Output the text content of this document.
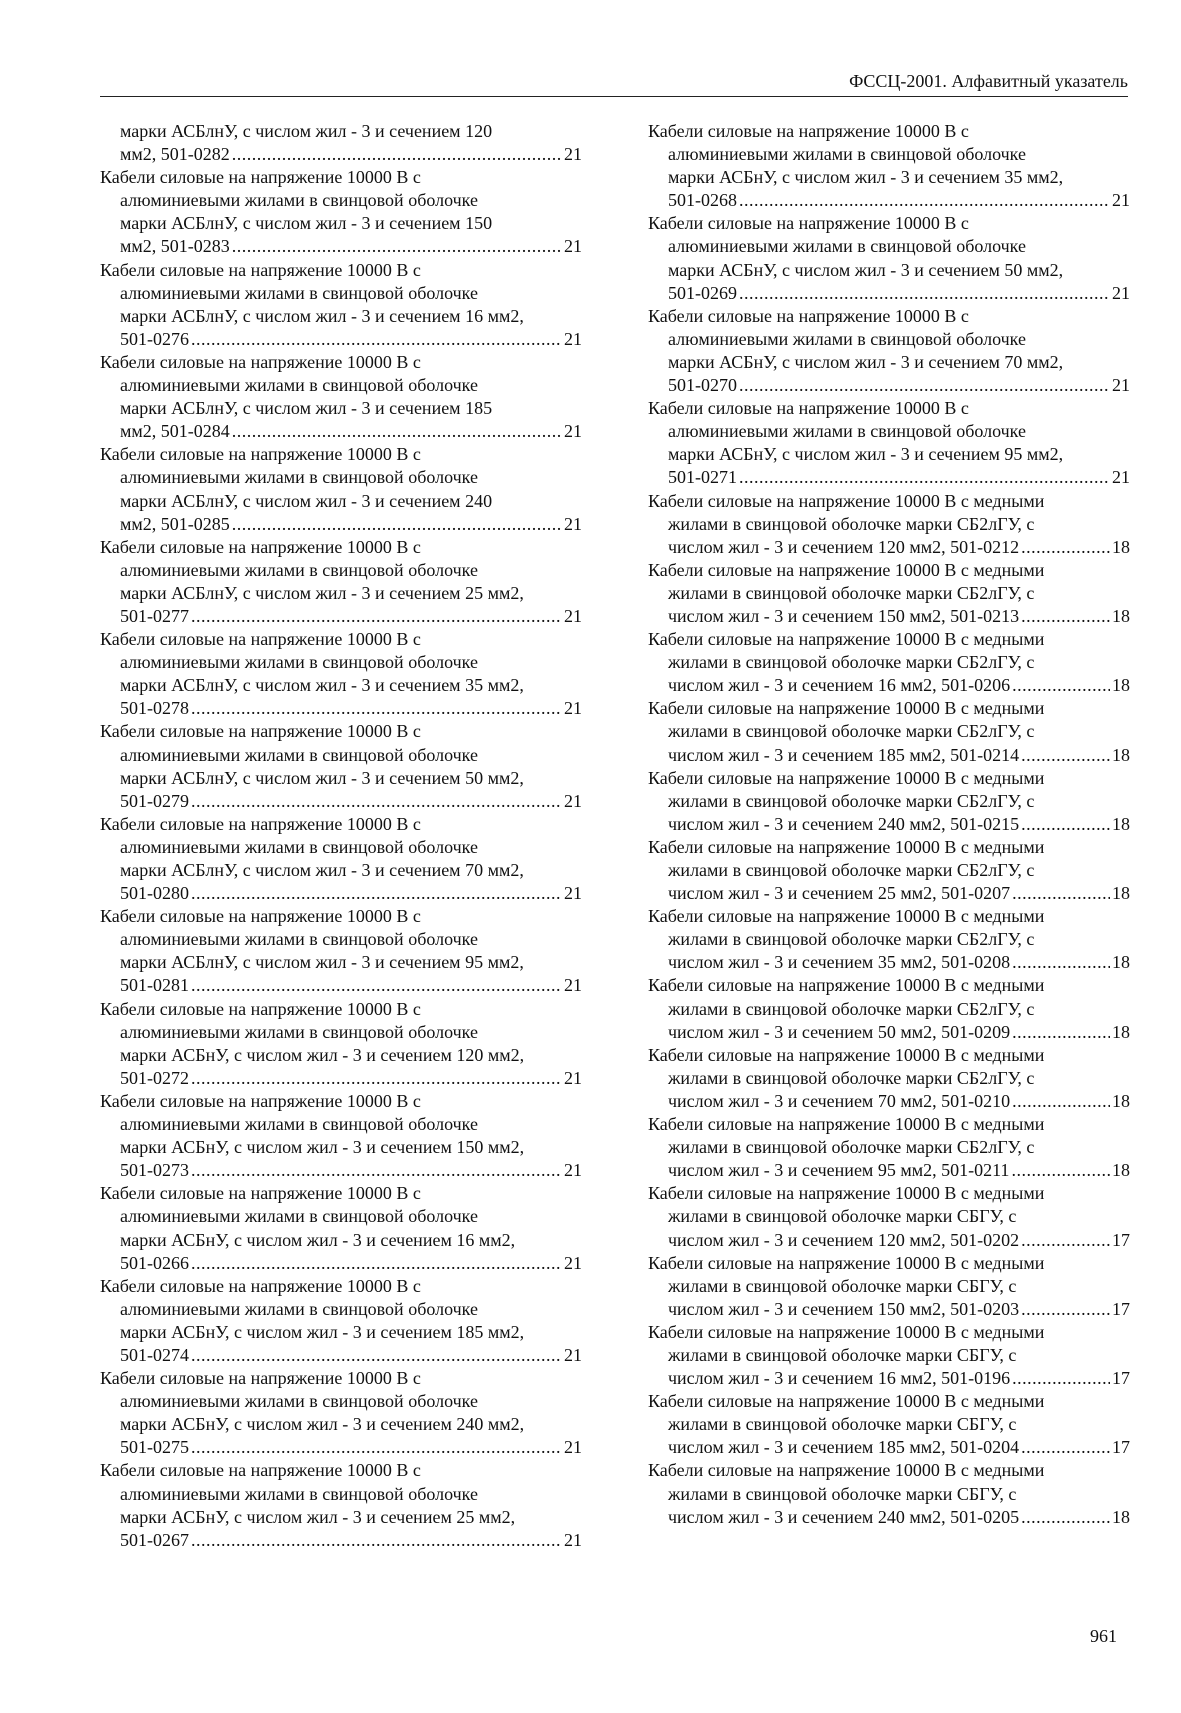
ФССЦ-2001. Алфавитный указатель
марки АСБлнУ, с числом жил - 3 и сечением 120
мм2, 501-0282 .....	21
Кабели силовые на напряжение 10000 В с
алюминиевыми жилами в свинцовой оболочке
марки АСБлнУ, с числом жил - 3 и сечением 150
мм2, 501-0283 .....	21
Кабели силовые на напряжение 10000 В с
алюминиевыми жилами в свинцовой оболочке
марки АСБлнУ, с числом жил - 3 и сечением 16 мм2,
501-0276 .....	21
Кабели силовые на напряжение 10000 В с
алюминиевыми жилами в свинцовой оболочке
марки АСБлнУ, с числом жил - 3 и сечением 185
мм2, 501-0284 .....	21
Кабели силовые на напряжение 10000 В с
алюминиевыми жилами в свинцовой оболочке
марки АСБлнУ, с числом жил - 3 и сечением 240
мм2, 501-0285 .....	21
Кабели силовые на напряжение 10000 В с
алюминиевыми жилами в свинцовой оболочке
марки АСБлнУ, с числом жил - 3 и сечением 25 мм2,
501-0277 .....	21
Кабели силовые на напряжение 10000 В с
алюминиевыми жилами в свинцовой оболочке
марки АСБлнУ, с числом жил - 3 и сечением 35 мм2,
501-0278 .....	21
Кабели силовые на напряжение 10000 В с
алюминиевыми жилами в свинцовой оболочке
марки АСБлнУ, с числом жил - 3 и сечением 50 мм2,
501-0279 .....	21
Кабели силовые на напряжение 10000 В с
алюминиевыми жилами в свинцовой оболочке
марки АСБлнУ, с числом жил - 3 и сечением 70 мм2,
501-0280 .....	21
Кабели силовые на напряжение 10000 В с
алюминиевыми жилами в свинцовой оболочке
марки АСБлнУ, с числом жил - 3 и сечением 95 мм2,
501-0281 .....	21
Кабели силовые на напряжение 10000 В с
алюминиевыми жилами в свинцовой оболочке
марки АСБнУ, с числом жил - 3 и сечением 120 мм2,
501-0272 .....	21
Кабели силовые на напряжение 10000 В с
алюминиевыми жилами в свинцовой оболочке
марки АСБнУ, с числом жил - 3 и сечением 150 мм2,
501-0273 .....	21
Кабели силовые на напряжение 10000 В с
алюминиевыми жилами в свинцовой оболочке
марки АСБнУ, с числом жил - 3 и сечением 16 мм2,
501-0266 .....	21
Кабели силовые на напряжение 10000 В с
алюминиевыми жилами в свинцовой оболочке
марки АСБнУ, с числом жил - 3 и сечением 185 мм2,
501-0274 .....	21
Кабели силовые на напряжение 10000 В с
алюминиевыми жилами в свинцовой оболочке
марки АСБнУ, с числом жил - 3 и сечением 240 мм2,
501-0275 .....	21
Кабели силовые на напряжение 10000 В с
алюминиевыми жилами в свинцовой оболочке
марки АСБнУ, с числом жил - 3 и сечением 25 мм2,
501-0267 .....	21
Кабели силовые на напряжение 10000 В с
алюминиевыми жилами в свинцовой оболочке
марки АСБнУ, с числом жил - 3 и сечением 35 мм2,
501-0268 .....	21
Кабели силовые на напряжение 10000 В с
алюминиевыми жилами в свинцовой оболочке
марки АСБнУ, с числом жил - 3 и сечением 50 мм2,
501-0269 .....	21
Кабели силовые на напряжение 10000 В с
алюминиевыми жилами в свинцовой оболочке
марки АСБнУ, с числом жил - 3 и сечением 70 мм2,
501-0270 .....	21
Кабели силовые на напряжение 10000 В с
алюминиевыми жилами в свинцовой оболочке
марки АСБнУ, с числом жил - 3 и сечением 95 мм2,
501-0271 .....	21
Кабели силовые на напряжение 10000 В с медными
жилами в свинцовой оболочке марки СБ2лГУ, с
числом жил - 3 и сечением 120 мм2, 501-0212 .....	18
Кабели силовые на напряжение 10000 В с медными
жилами в свинцовой оболочке марки СБ2лГУ, с
числом жил - 3 и сечением 150 мм2, 501-0213 .....	18
Кабели силовые на напряжение 10000 В с медными
жилами в свинцовой оболочке марки СБ2лГУ, с
числом жил - 3 и сечением 16 мм2, 501-0206 .....	18
Кабели силовые на напряжение 10000 В с медными
жилами в свинцовой оболочке марки СБ2лГУ, с
числом жил - 3 и сечением 185 мм2, 501-0214 .....	18
Кабели силовые на напряжение 10000 В с медными
жилами в свинцовой оболочке марки СБ2лГУ, с
числом жил - 3 и сечением 240 мм2, 501-0215 .....	18
Кабели силовые на напряжение 10000 В с медными
жилами в свинцовой оболочке марки СБ2лГУ, с
числом жил - 3 и сечением 25 мм2, 501-0207 .....	18
Кабели силовые на напряжение 10000 В с медными
жилами в свинцовой оболочке марки СБ2лГУ, с
числом жил - 3 и сечением 35 мм2, 501-0208 .....	18
Кабели силовые на напряжение 10000 В с медными
жилами в свинцовой оболочке марки СБ2лГУ, с
числом жил - 3 и сечением 50 мм2, 501-0209 .....	18
Кабели силовые на напряжение 10000 В с медными
жилами в свинцовой оболочке марки СБ2лГУ, с
числом жил - 3 и сечением 70 мм2, 501-0210 .....	18
Кабели силовые на напряжение 10000 В с медными
жилами в свинцовой оболочке марки СБ2лГУ, с
числом жил - 3 и сечением 95 мм2, 501-0211 .....	18
Кабели силовые на напряжение 10000 В с медными
жилами в свинцовой оболочке марки СБГУ, с
числом жил - 3 и сечением 120 мм2, 501-0202 .....	17
Кабели силовые на напряжение 10000 В с медными
жилами в свинцовой оболочке марки СБГУ, с
числом жил - 3 и сечением 150 мм2, 501-0203 .....	17
Кабели силовые на напряжение 10000 В с медными
жилами в свинцовой оболочке марки СБГУ, с
числом жил - 3 и сечением 16 мм2, 501-0196 .....	17
Кабели силовые на напряжение 10000 В с медными
жилами в свинцовой оболочке марки СБГУ, с
числом жил - 3 и сечением 185 мм2, 501-0204 .....	17
Кабели силовые на напряжение 10000 В с медными
жилами в свинцовой оболочке марки СБГУ, с
числом жил - 3 и сечением 240 мм2, 501-0205 .....	18
961
